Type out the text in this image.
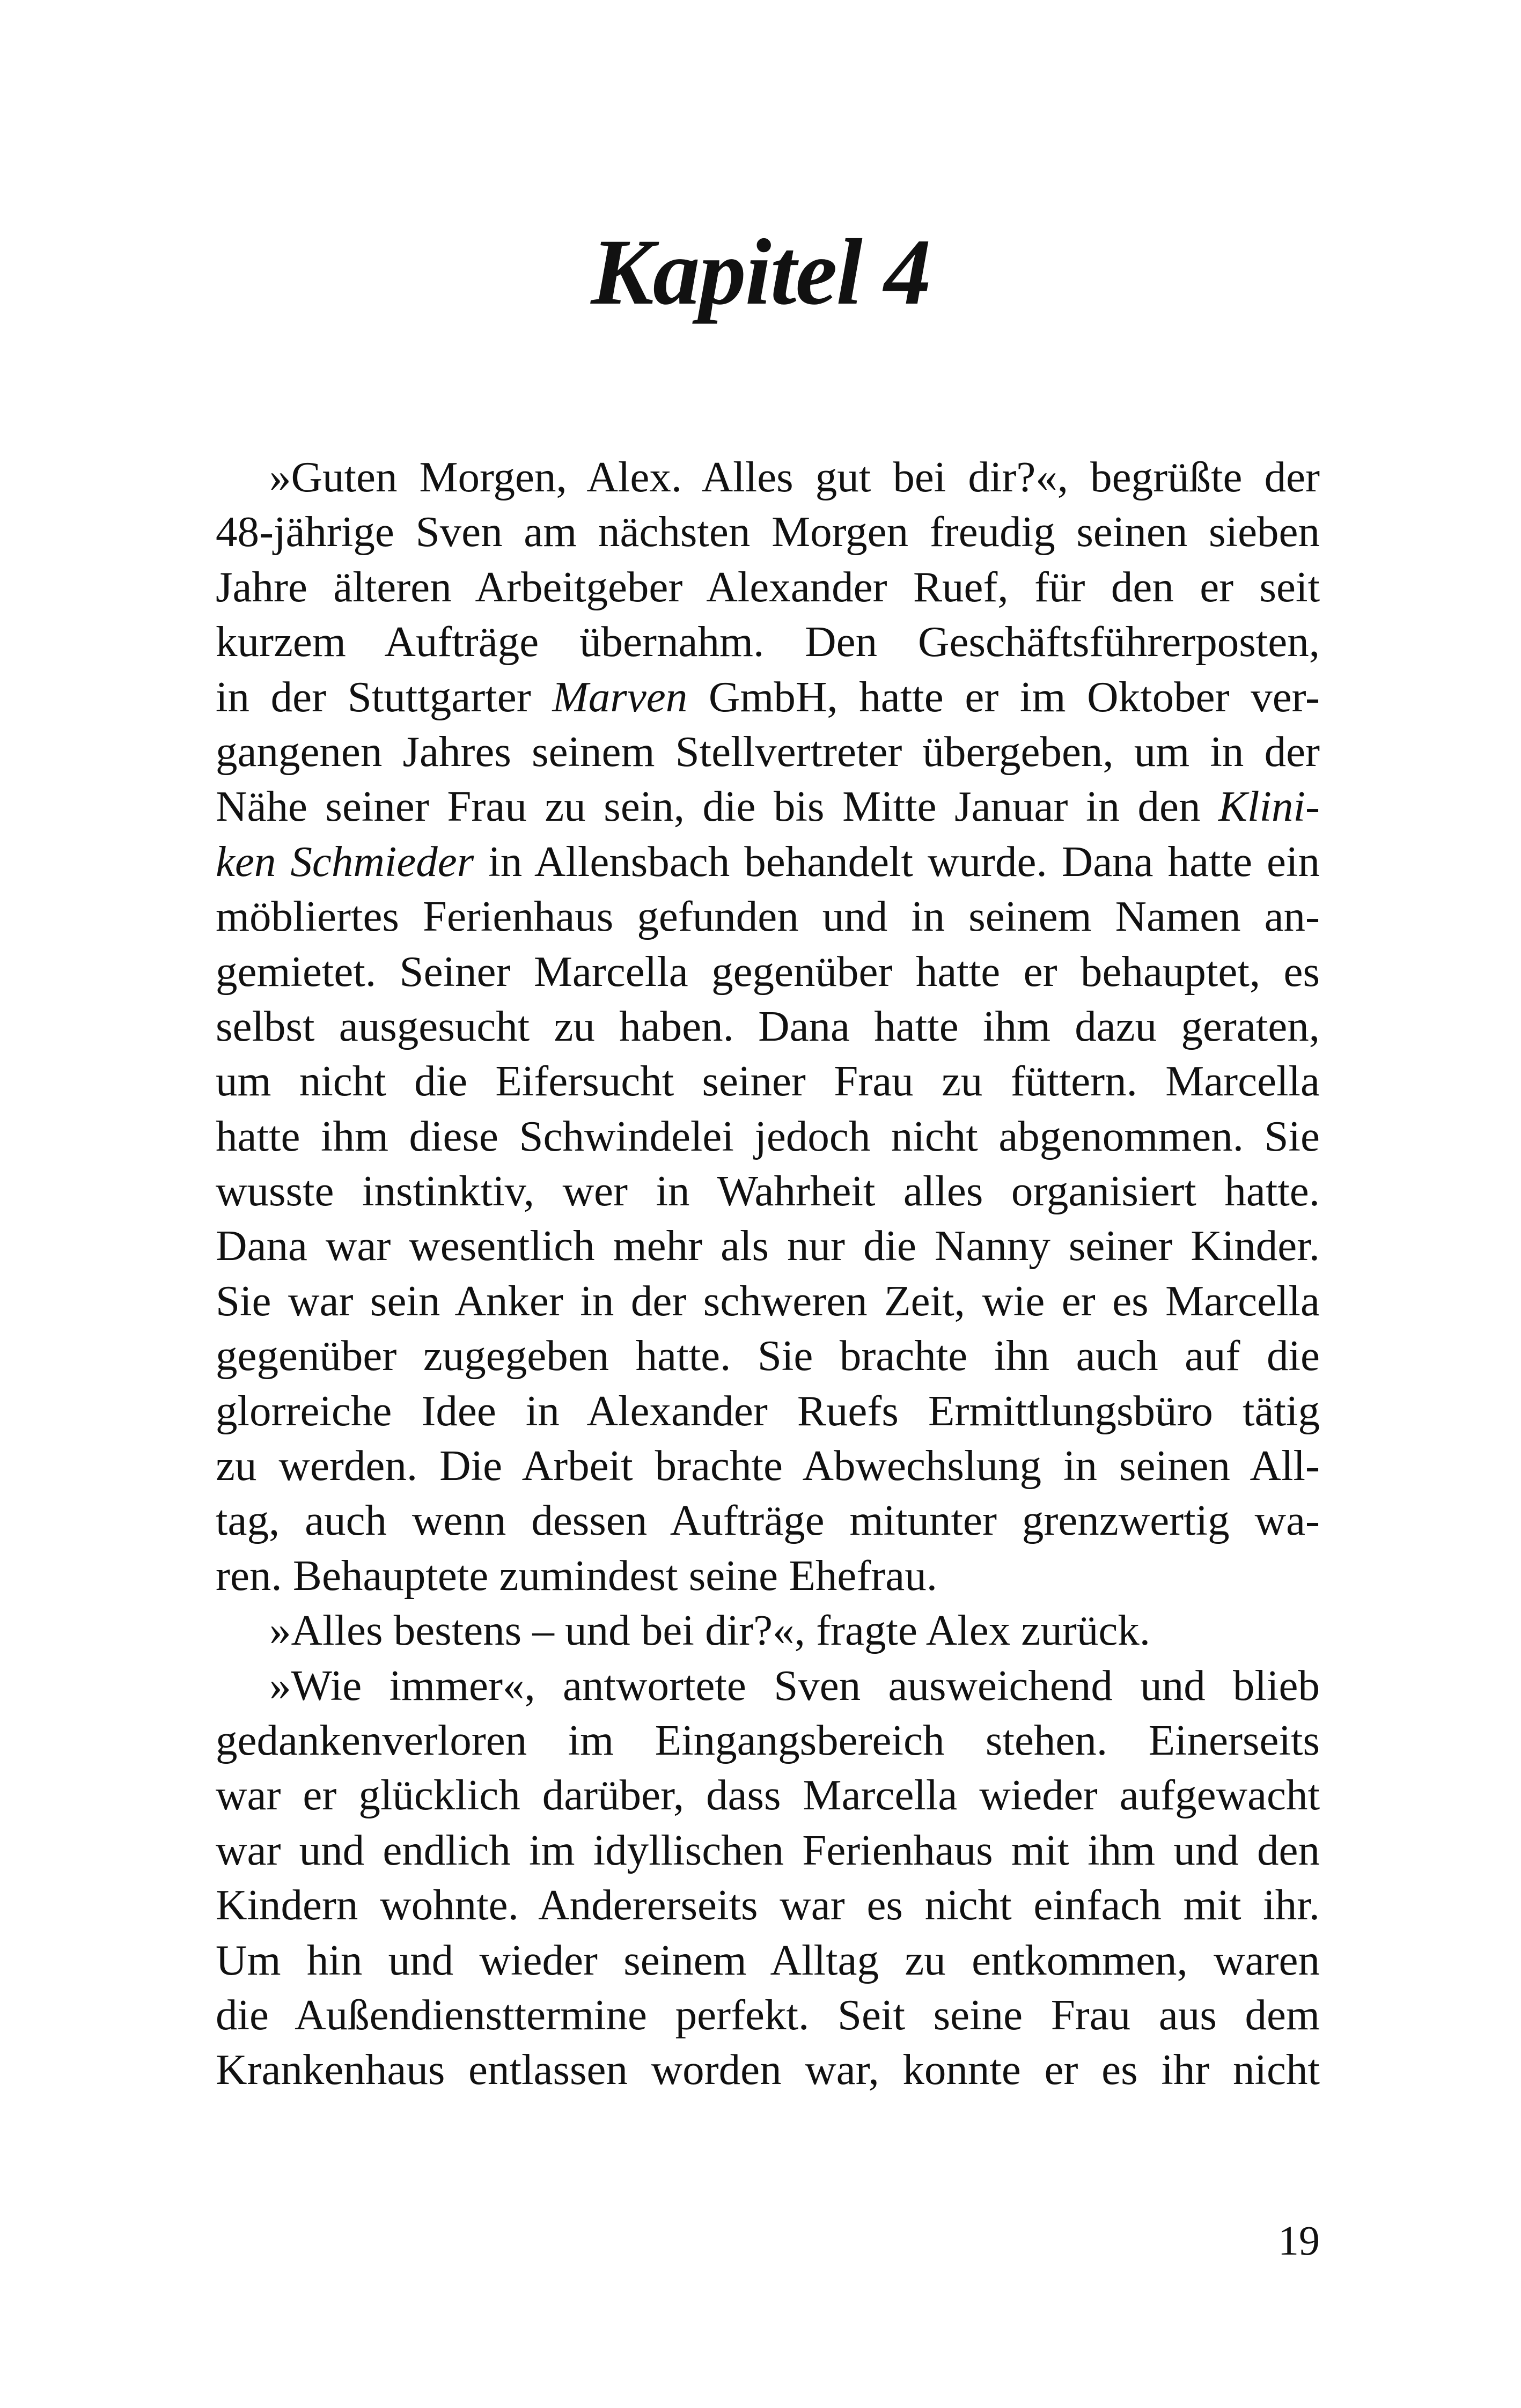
Kapitel 4
»Guten Morgen, Alex. Alles gut bei dir?«, begrüßte der
48-jährige Sven am nächsten Morgen freudig seinen sieben
Jahre älteren Arbeitgeber Alexander Ruef, für den er seit
kurzem Aufträge übernahm. Den Geschäftsführerposten,
in der Stuttgarter Marven GmbH, hatte er im Oktober ver-
gangenen Jahres seinem Stellvertreter übergeben, um in der
Nähe seiner Frau zu sein, die bis Mitte Januar in den Klini-
ken Schmieder in Allensbach behandelt wurde. Dana hatte ein
möbliertes Ferienhaus gefunden und in seinem Namen an-
gemietet. Seiner Marcella gegenüber hatte er behauptet, es
selbst ausgesucht zu haben. Dana hatte ihm dazu geraten,
um nicht die Eifersucht seiner Frau zu füttern. Marcella
hatte ihm diese Schwindelei jedoch nicht abgenommen. Sie
wusste instinktiv, wer in Wahrheit alles organisiert hatte.
Dana war wesentlich mehr als nur die Nanny seiner Kinder.
Sie war sein Anker in der schweren Zeit, wie er es Marcella
gegenüber zugegeben hatte. Sie brachte ihn auch auf die
glorreiche Idee in Alexander Ruefs Ermittlungsbüro tätig
zu werden. Die Arbeit brachte Abwechslung in seinen All-
tag, auch wenn dessen Aufträge mitunter grenzwertig wa-
ren. Behauptete zumindest seine Ehefrau.
»Alles bestens – und bei dir?«, fragte Alex zurück.
»Wie immer«, antwortete Sven ausweichend und blieb
gedankenverloren im Eingangsbereich stehen. Einerseits
war er glücklich darüber, dass Marcella wieder aufgewacht
war und endlich im idyllischen Ferienhaus mit ihm und den
Kindern wohnte. Andererseits war es nicht einfach mit ihr.
Um hin und wieder seinem Alltag zu entkommen, waren
die Außendiensttermine perfekt. Seit seine Frau aus dem
Krankenhaus entlassen worden war, konnte er es ihr nicht
19
